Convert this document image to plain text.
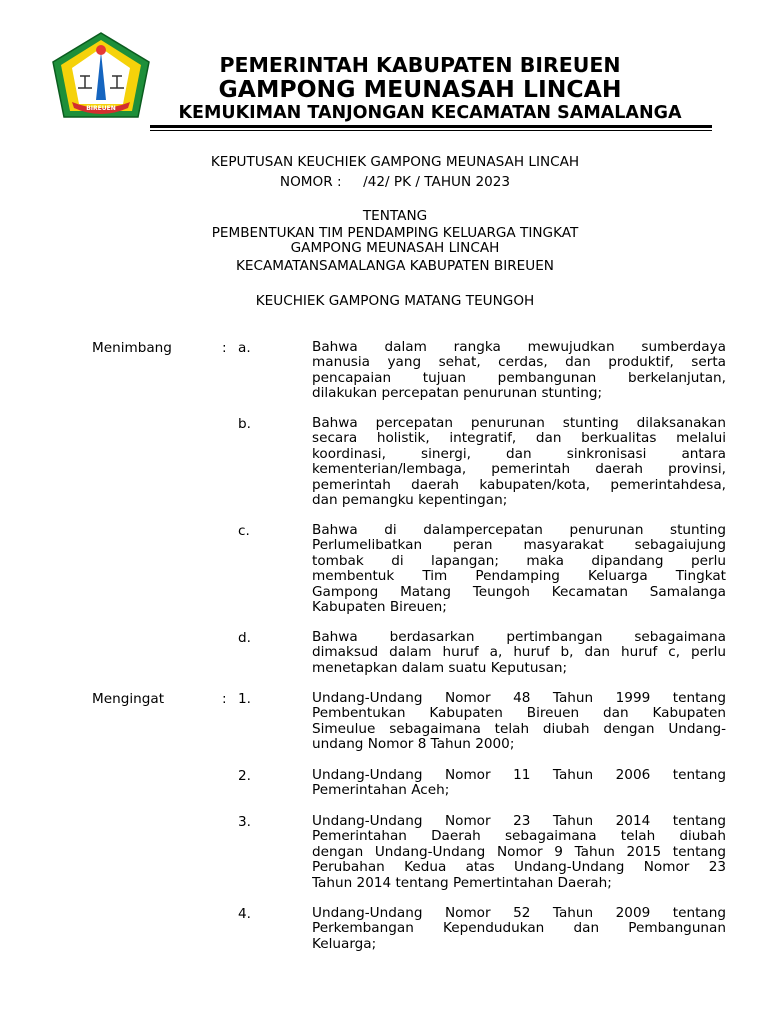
BIREUEN
PEMERINTAH KABUPATEN BIREUEN
GAMPONG MEUNASAH LINCAH
KEMUKIMAN TANJONGAN KECAMATAN SAMALANGA
KEPUTUSAN KEUCHIEK GAMPONG MEUNASAH LINCAH
NOMOR :     /42/ PK / TAHUN 2023
TENTANG
PEMBENTUKAN TIM PENDAMPING KELUARGA TINGKAT
GAMPONG MEUNASAH LINCAH
KECAMATANSAMALANGA KABUPATEN BIREUEN
KEUCHIEK GAMPONG MATANG TEUNGOH
Menimbang	: a.	Bahwa dalam rangka mewujudkan sumberdaya
manusia yang sehat, cerdas, dan produktif, serta
pencapaian tujuan pembangunan berkelanjutan,
dilakukan percepatan penurunan stunting;
b.	Bahwa percepatan penurunan stunting dilaksanakan
secara holistik, integratif, dan berkualitas melalui
koordinasi, sinergi, dan sinkronisasi antara
kementerian/lembaga, pemerintah daerah provinsi,
pemerintah daerah kabupaten/kota, pemerintahdesa,
dan pemangku kepentingan;
c.	Bahwa di dalampercepatan penurunan stunting
Perlumelibatkan peran masyarakat sebagaiujung
tombak di lapangan; maka dipandang perlu
membentuk Tim Pendamping Keluarga Tingkat
Gampong Matang Teungoh Kecamatan Samalanga
Kabupaten Bireuen;
d.	Bahwa berdasarkan pertimbangan sebagaimana
dimaksud dalam huruf a, huruf b, dan huruf c, perlu
menetapkan dalam suatu Keputusan;
Mengingat	: 1.	Undang-Undang Nomor 48 Tahun 1999 tentang
Pembentukan Kabupaten Bireuen dan Kabupaten
Simeulue sebagaimana telah diubah dengan Undang-
undang Nomor 8 Tahun 2000;
2.	Undang-Undang Nomor 11 Tahun 2006 tentang
Pemerintahan Aceh;
3.	Undang-Undang Nomor 23 Tahun 2014 tentang
Pemerintahan Daerah sebagaimana telah diubah
dengan Undang-Undang Nomor 9 Tahun 2015 tentang
Perubahan Kedua atas Undang-Undang Nomor 23
Tahun 2014 tentang Pemertintahan Daerah;
4.	Undang-Undang Nomor 52 Tahun 2009 tentang
Perkembangan Kependudukan dan Pembangunan
Keluarga;
